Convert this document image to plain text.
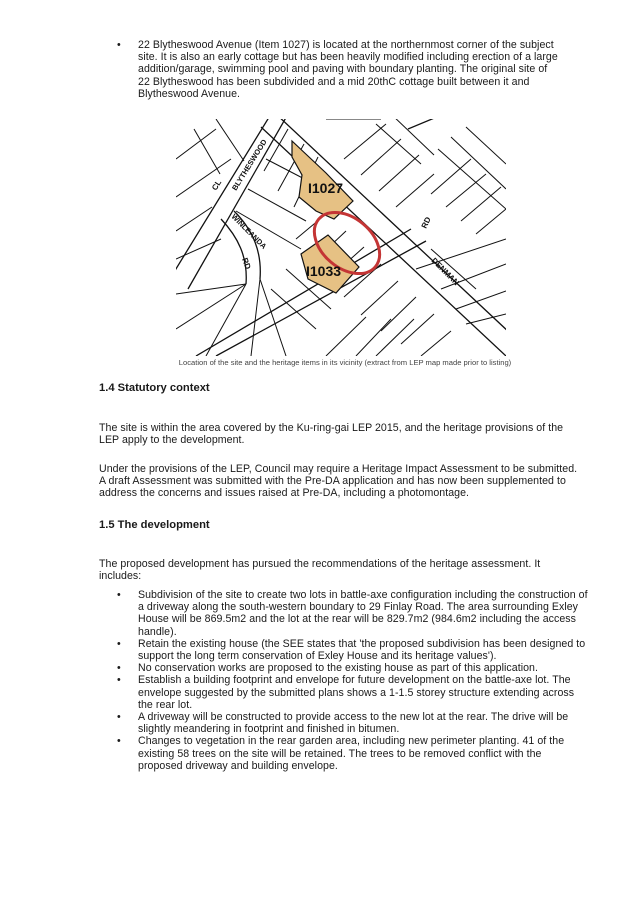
• 22 Blytheswood Avenue (Item 1027) is located at the northernmost corner of the subject site. It is also an early cottage but has been heavily modified including erection of a large addition/garage, swimming pool and paving with boundary planting. The original site of 22 Blytheswood has been subdivided and a mid 20thC cottage built between it and Blytheswood Avenue.
I1027
I1033
BLYTHESWOOD
WINLEANDA
RD
CL
RD
DENMAN
Location of the site and the heritage items in its vicinity (extract from LEP map made prior to listing)
1.4 Statutory context

The site is within the area covered by the Ku-ring-gai LEP 2015, and the heritage provisions of the LEP apply to the development.

Under the provisions of the LEP, Council may require a Heritage Impact Assessment to be submitted. A draft Assessment was submitted with the Pre-DA application and has now been supplemented to address the concerns and issues raised at Pre-DA, including a photomontage.

1.5 The development

The proposed development has pursued the recommendations of the heritage assessment. It includes:

• Subdivision of the site to create two lots in battle-axe configuration including the construction of a driveway along the south-western boundary to 29 Finlay Road. The area surrounding Exley House will be 869.5m2 and the lot at the rear will be 829.7m2 (984.6m2 including the access handle).
• Retain the existing house (the SEE states that 'the proposed subdivision has been designed to support the long term conservation of Exley House and its heritage values').
• No conservation works are proposed to the existing house as part of this application.
• Establish a building footprint and envelope for future development on the battle-axe lot. The envelope suggested by the submitted plans shows a 1-1.5 storey structure extending across the rear lot.
• A driveway will be constructed to provide access to the new lot at the rear. The drive will be slightly meandering in footprint and finished in bitumen.
• Changes to vegetation in the rear garden area, including new perimeter planting. 41 of the existing 58 trees on the site will be retained. The trees to be removed conflict with the proposed driveway and building envelope.
